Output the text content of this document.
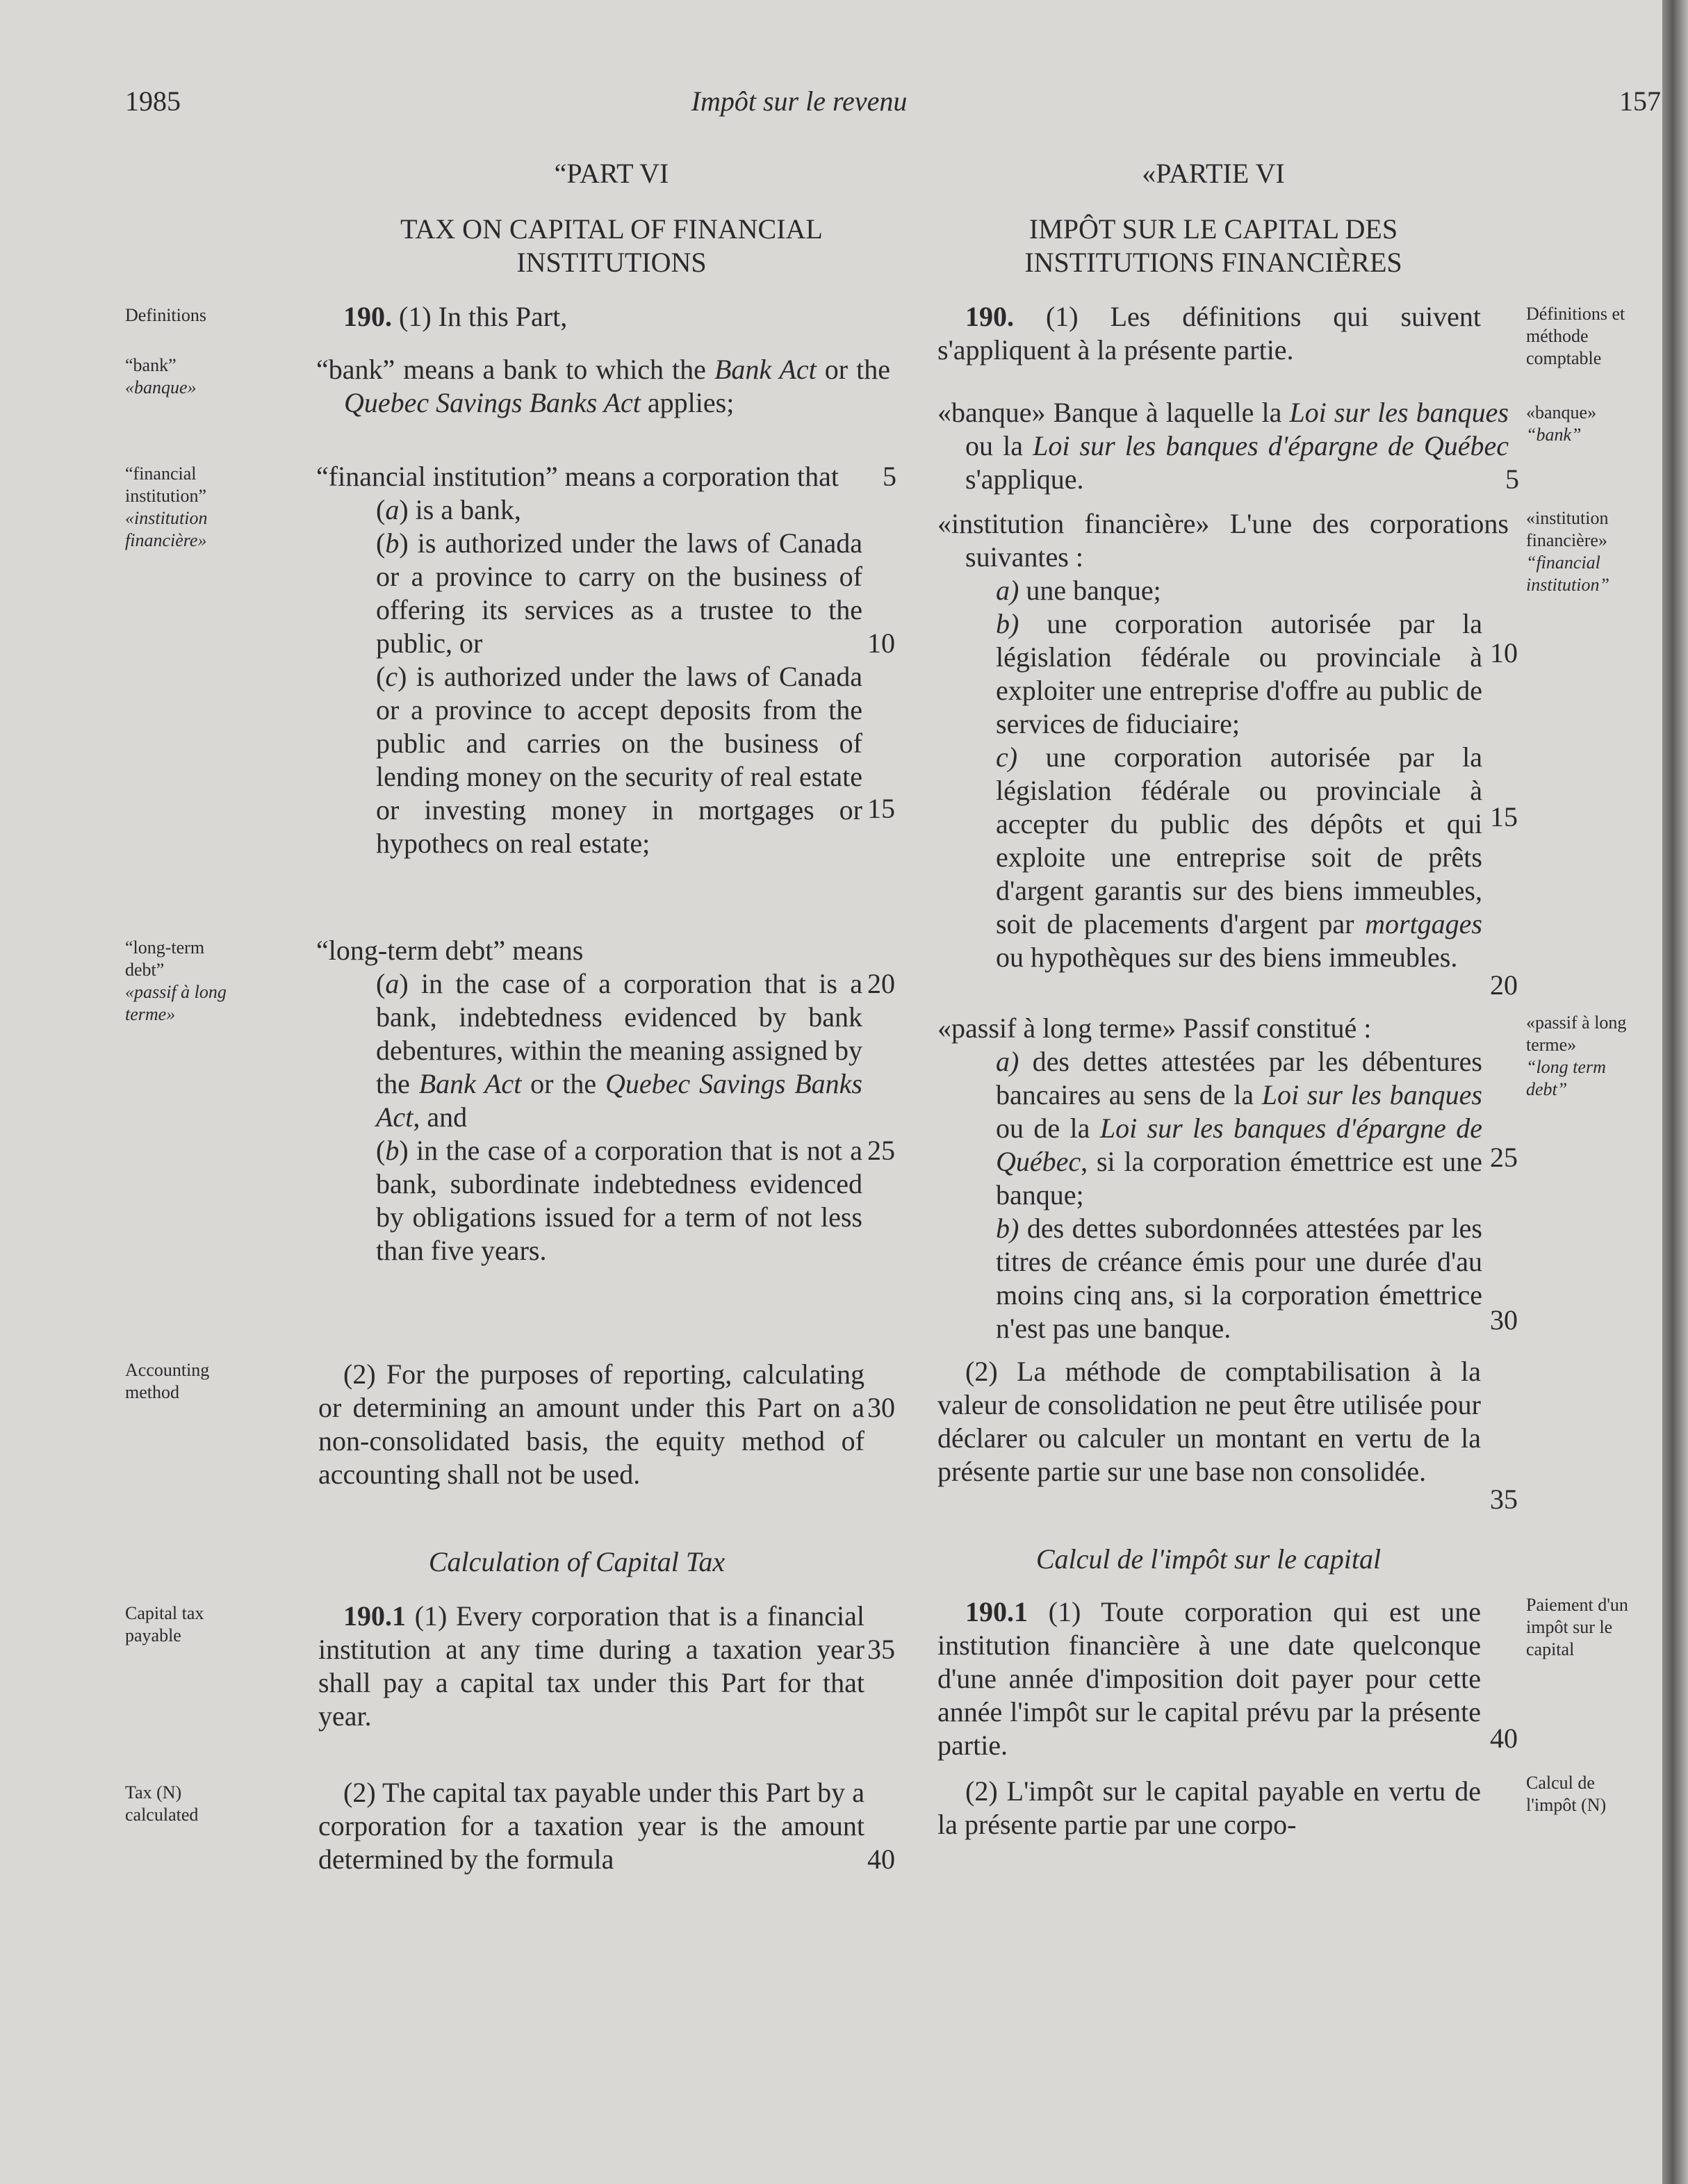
1985	Impôt sur le revenu	157
Definitions
“bank”
«banque»
“financial
institution”
«institution
financière»
“long-term
debt”
«passif à long
terme»
Accounting
method
Capital tax
payable
Tax (N)
calculated
“PART VI
TAX ON CAPITAL OF FINANCIAL
INSTITUTIONS
190. (1) In this Part,
“bank” means a bank to which the Bank Act or the Quebec Savings Banks Act applies;
“financial institution” means a corporation that
(a) is a bank,
(b) is authorized under the laws of Canada or a province to carry on the business of offering its services as a trustee to the public, or
(c) is authorized under the laws of Canada or a province to accept deposits from the public and carries on the business of lending money on the security of real estate or investing money in mortgages or hypothecs on real estate;
“long-term debt” means
(a) in the case of a corporation that is a bank, indebtedness evidenced by bank debentures, within the meaning assigned by the Bank Act or the Quebec Savings Banks Act, and
(b) in the case of a corporation that is not a bank, subordinate indebtedness evidenced by obligations issued for a term of not less than five years.
(2) For the purposes of reporting, calculating or determining an amount under this Part on a non-consolidated basis, the equity method of accounting shall not be used.
Calculation of Capital Tax
190.1 (1) Every corporation that is a financial institution at any time during a taxation year shall pay a capital tax under this Part for that year.
(2) The capital tax payable under this Part by a corporation for a taxation year is the amount determined by the formula
5
10
15
20
25
30
35
40
«PARTIE VI
IMPÔT SUR LE CAPITAL DES
INSTITUTIONS FINANCIÈRES
190. (1) Les définitions qui suivent s'appliquent à la présente partie.
«banque» Banque à laquelle la Loi sur les banques ou la Loi sur les banques d'épargne de Québec s'applique.
«institution financière» L'une des corporations suivantes :
a) une banque;
b) une corporation autorisée par la législation fédérale ou provinciale à exploiter une entreprise d'offre au public de services de fiduciaire;
c) une corporation autorisée par la législation fédérale ou provinciale à accepter du public des dépôts et qui exploite une entreprise soit de prêts d'argent garantis sur des biens immeubles, soit de placements d'argent par mortgages ou hypothèques sur des biens immeubles.
«passif à long terme» Passif constitué :
a) des dettes attestées par les débentures bancaires au sens de la Loi sur les banques ou de la Loi sur les banques d'épargne de Québec, si la corporation émettrice est une banque;
b) des dettes subordonnées attestées par les titres de créance émis pour une durée d'au moins cinq ans, si la corporation émettrice n'est pas une banque.
(2) La méthode de comptabilisation à la valeur de consolidation ne peut être utilisée pour déclarer ou calculer un montant en vertu de la présente partie sur une base non consolidée.
Calcul de l'impôt sur le capital
190.1 (1) Toute corporation qui est une institution financière à une date quelconque d'une année d'imposition doit payer pour cette année l'impôt sur le capital prévu par la présente partie.
(2) L'impôt sur le capital payable en vertu de la présente partie par une corpo-
5
10
15
20
25
30
35
40
Définitions et
méthode
comptable
«banque»
“bank”
«institution
financière»
“financial
institution”
«passif à long
terme»
“long term
debt”
Paiement d'un
impôt sur le
capital
Calcul de
l'impôt (N)
